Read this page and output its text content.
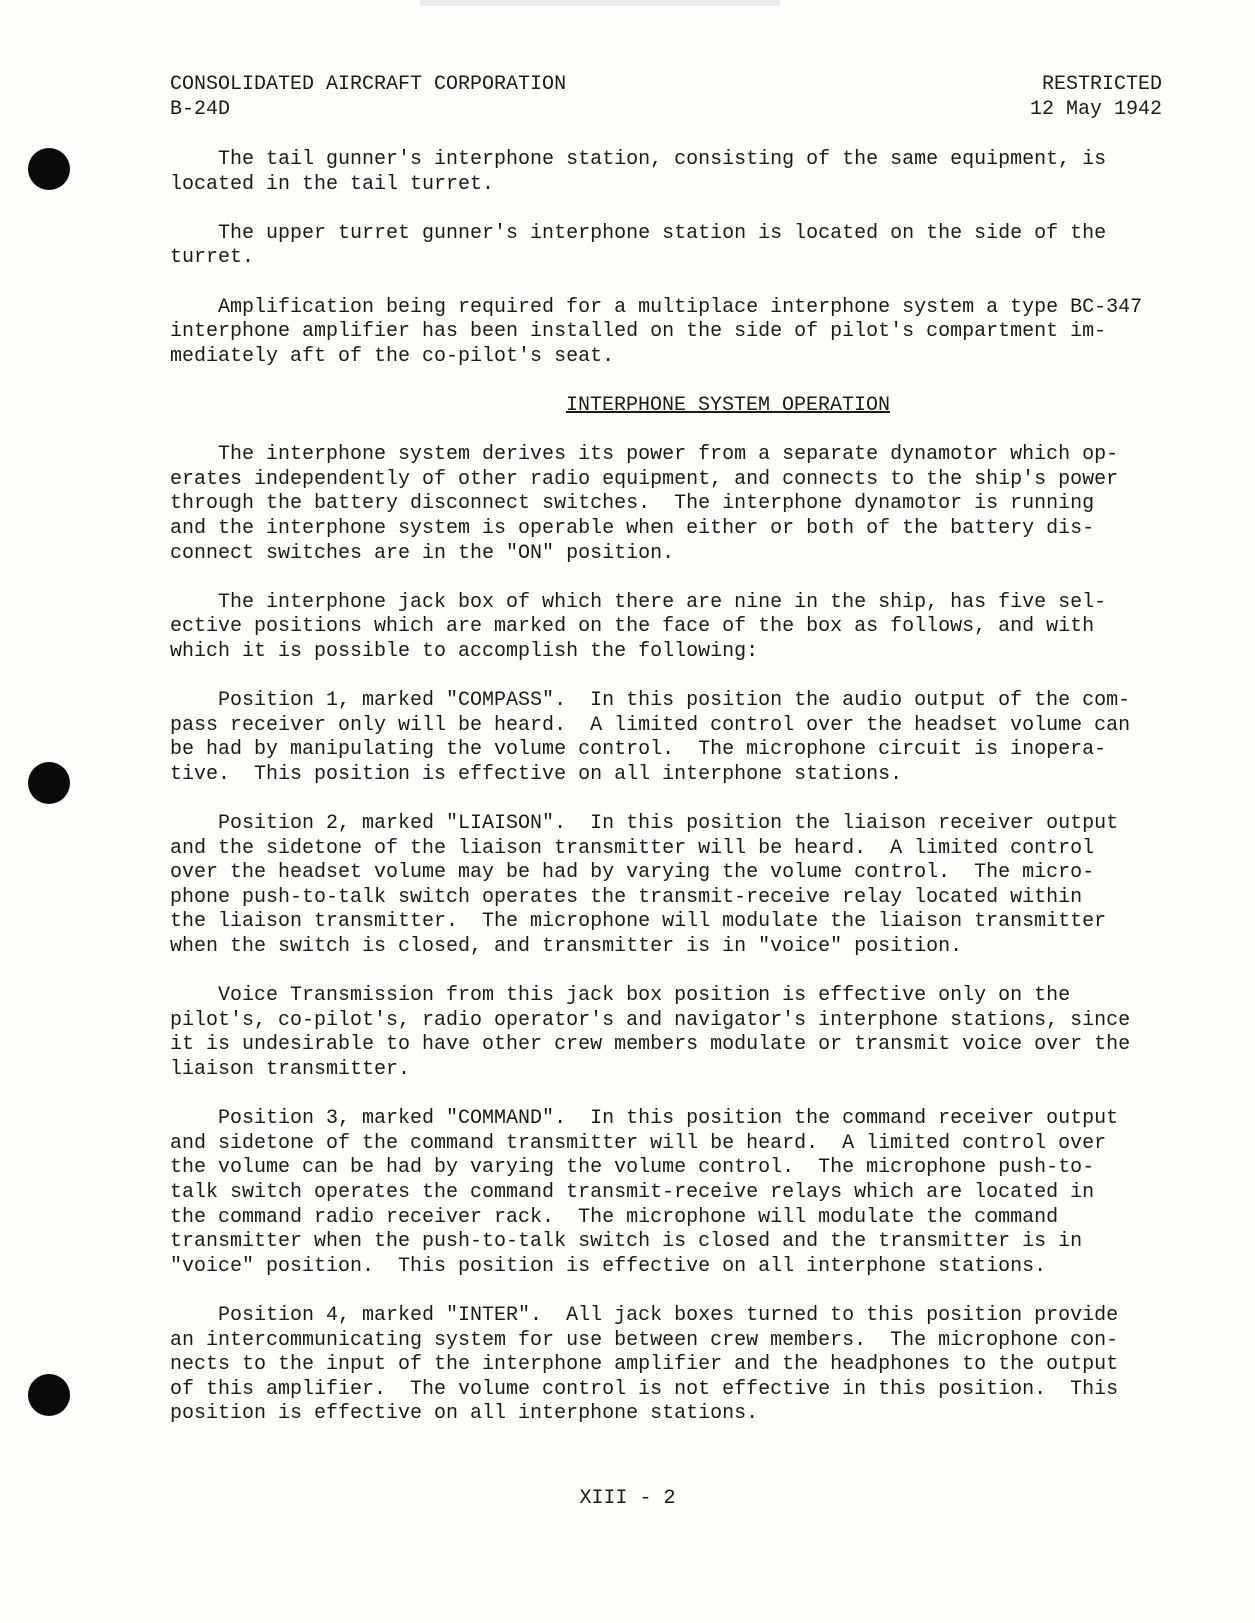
CONSOLIDATED AIRCRAFT CORPORATION
B-24D
RESTRICTED
12 May 1942

The tail gunner's interphone station, consisting of the same equipment, is
located in the tail turret.

The upper turret gunner's interphone station is located on the side of the
turret.

Amplification being required for a multiplace interphone system a type BC-347
interphone amplifier has been installed on the side of pilot's compartment im-
mediately aft of the co-pilot's seat.

INTERPHONE SYSTEM OPERATION

The interphone system derives its power from a separate dynamotor which op-
erates independently of other radio equipment, and connects to the ship's power
through the battery disconnect switches.  The interphone dynamotor is running
and the interphone system is operable when either or both of the battery dis-
connect switches are in the "ON" position.

The interphone jack box of which there are nine in the ship, has five sel-
ective positions which are marked on the face of the box as follows, and with
which it is possible to accomplish the following:

Position 1, marked "COMPASS".  In this position the audio output of the com-
pass receiver only will be heard.  A limited control over the headset volume can
be had by manipulating the volume control.  The microphone circuit is inopera-
tive.  This position is effective on all interphone stations.

Position 2, marked "LIAISON".  In this position the liaison receiver output
and the sidetone of the liaison transmitter will be heard.  A limited control
over the headset volume may be had by varying the volume control.  The micro-
phone push-to-talk switch operates the transmit-receive relay located within
the liaison transmitter.  The microphone will modulate the liaison transmitter
when the switch is closed, and transmitter is in "voice" position.

Voice Transmission from this jack box position is effective only on the
pilot's, co-pilot's, radio operator's and navigator's interphone stations, since
it is undesirable to have other crew members modulate or transmit voice over the
liaison transmitter.

Position 3, marked "COMMAND".  In this position the command receiver output
and sidetone of the command transmitter will be heard.  A limited control over
the volume can be had by varying the volume control.  The microphone push-to-
talk switch operates the command transmit-receive relays which are located in
the command radio receiver rack.  The microphone will modulate the command
transmitter when the push-to-talk switch is closed and the transmitter is in
"voice" position.  This position is effective on all interphone stations.

Position 4, marked "INTER".  All jack boxes turned to this position provide
an intercommunicating system for use between crew members.  The microphone con-
nects to the input of the interphone amplifier and the headphones to the output
of this amplifier.  The volume control is not effective in this position.  This
position is effective on all interphone stations.

XIII - 2
